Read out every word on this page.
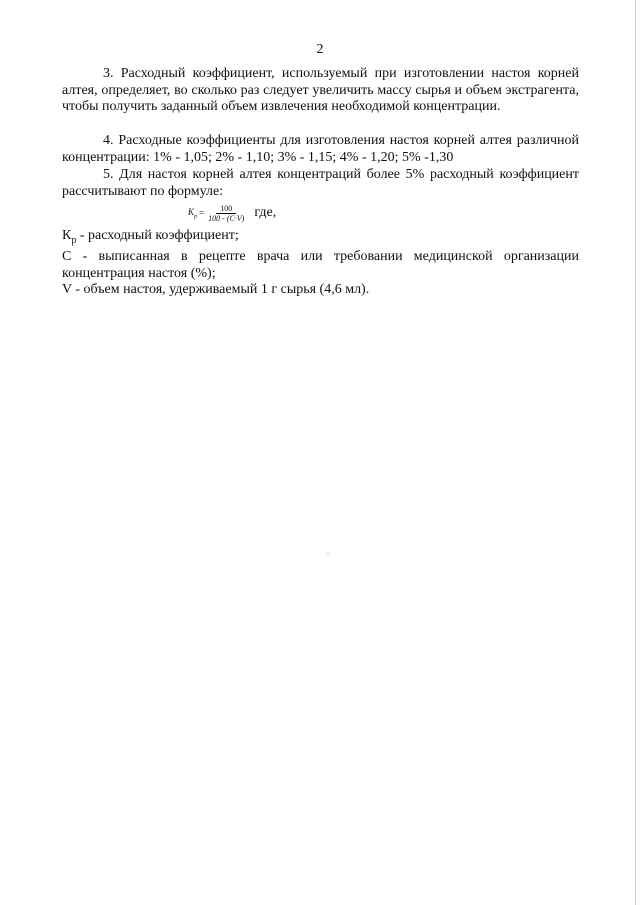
2

3. Расходный коэффициент, используемый при изготовлении настоя корней алтея, определяет, во сколько раз следует увеличить массу сырья и объем экстрагента, чтобы получить заданный объем извлечения необходимой концентрации.

4. Расходные коэффициенты для изготовления настоя корней алтея различной концентрации: 1% - 1,05; 2% - 1,10; 3% - 1,15; 4% - 1,20; 5% -1,30

5. Для настоя корней алтея концентраций более 5% расходный коэффициент рассчитывают по формуле:

$K_p = \frac{100}{100 - (C\cdot V)}$ где,
$К_р$ - расходный коэффициент;
С - выписанная в рецепте врача или требовании медицинской организации концентрация настоя (%);
V - объем настоя, удерживаемый 1 г сырья (4,6 мл).
